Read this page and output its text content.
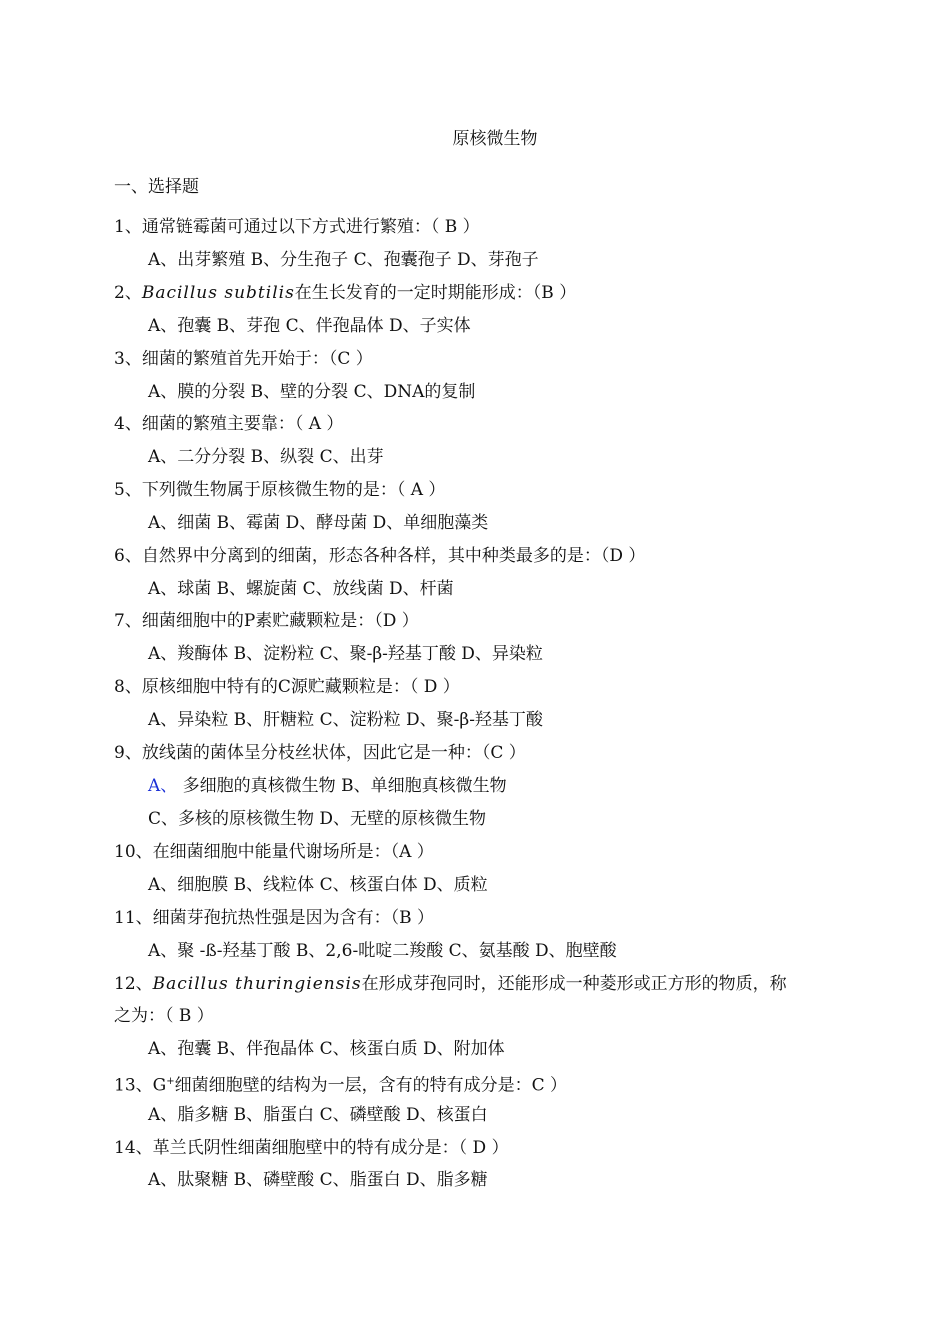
原核微生物
一、选择题
1、通常链霉菌可通过以下方式进行繁殖：（ B ）
A、出芽繁殖 B、分生孢子 C、孢囊孢子 D、芽孢子
2、Bacillus subtilis在生长发育的一定时期能形成：（B ）
A、孢囊 B、芽孢 C、伴孢晶体 D、子实体
3、细菌的繁殖首先开始于：（C ）
A、膜的分裂 B、壁的分裂 C、DNA的复制
4、细菌的繁殖主要靠：（ A ）
A、二分分裂 B、纵裂 C、出芽
5、下列微生物属于原核微生物的是：（ A ）
A、细菌 B、霉菌 D、酵母菌 D、单细胞藻类
6、自然界中分离到的细菌，形态各种各样，其中种类最多的是：（D ）
A、球菌 B、螺旋菌 C、放线菌 D、杆菌
7、细菌细胞中的P素贮藏颗粒是：（D ）
A、羧酶体 B、淀粉粒 C、聚-β-羟基丁酸 D、异染粒
8、原核细胞中特有的C源贮藏颗粒是：（ D ）
A、异染粒 B、肝糖粒 C、淀粉粒 D、聚-β-羟基丁酸
9、放线菌的菌体呈分枝丝状体，因此它是一种：（C ）
A、 多细胞的真核微生物 B、单细胞真核微生物
C、多核的原核微生物 D、无壁的原核微生物
10、在细菌细胞中能量代谢场所是：（A ）
A、细胞膜 B、线粒体 C、核蛋白体 D、质粒
11、细菌芽孢抗热性强是因为含有：（B ）
A、聚 -ß-羟基丁酸 B、2,6-吡啶二羧酸 C、氨基酸 D、胞壁酸
12、Bacillus thuringiensis在形成芽孢同时，还能形成一种菱形或正方形的物质，称
之为：（ B ）
A、孢囊 B、伴孢晶体 C、核蛋白质 D、附加体
13、G+细菌细胞壁的结构为一层，含有的特有成分是：C ）
A、脂多糖 B、脂蛋白 C、磷壁酸 D、核蛋白
14、革兰氏阴性细菌细胞壁中的特有成分是：（ D ）
A、肽聚糖 B、磷壁酸 C、脂蛋白 D、脂多糖
